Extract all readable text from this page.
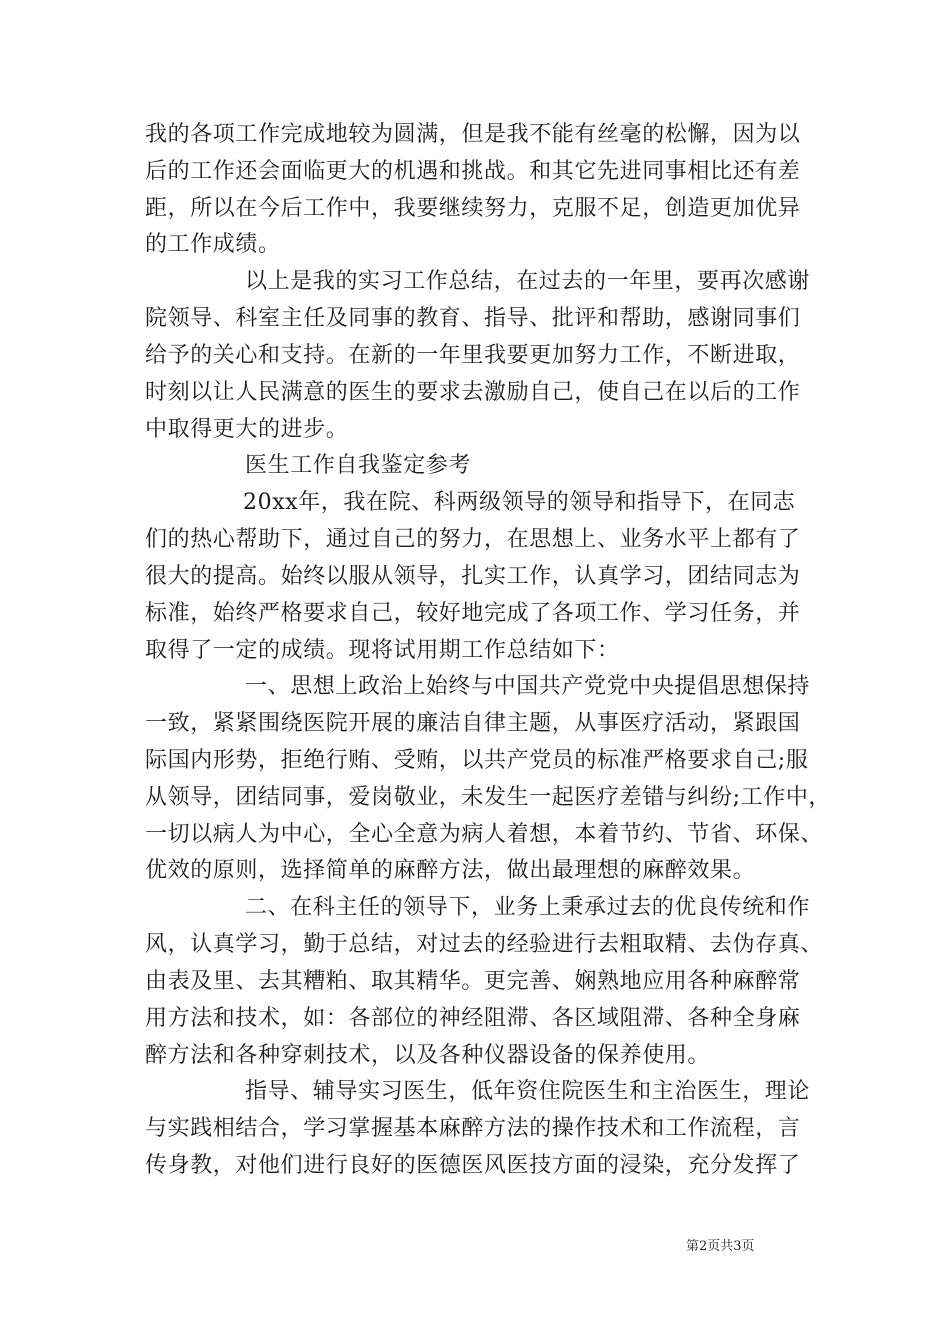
我的各项工作完成地较为圆满，但是我不能有丝毫的松懈，因为以

后的工作还会面临更大的机遇和挑战。和其它先进同事相比还有差

距，所以在今后工作中，我要继续努力，克服不足，创造更加优异

的工作成绩。

以上是我的实习工作总结，在过去的一年里，要再次感谢

院领导、科室主任及同事的教育、指导、批评和帮助，感谢同事们

给予的关心和支持。在新的一年里我要更加努力工作，不断进取，

时刻以让人民满意的医生的要求去激励自己，使自己在以后的工作

中取得更大的进步。

医生工作自我鉴定参考

20xx年，我在院、科两级领导的领导和指导下，在同志

们的热心帮助下，通过自己的努力，在思想上、业务水平上都有了

很大的提高。始终以服从领导，扎实工作，认真学习，团结同志为

标准，始终严格要求自己，较好地完成了各项工作、学习任务，并

取得了一定的成绩。现将试用期工作总结如下：

一、思想上政治上始终与中国共产党党中央提倡思想保持

一致，紧紧围绕医院开展的廉洁自律主题，从事医疗活动，紧跟国

际国内形势，拒绝行贿、受贿，以共产党员的标准严格要求自己;服

从领导，团结同事，爱岗敬业，未发生一起医疗差错与纠纷;工作中，

一切以病人为中心，全心全意为病人着想，本着节约、节省、环保、

优效的原则，选择简单的麻醉方法，做出最理想的麻醉效果。

二、在科主任的领导下，业务上秉承过去的优良传统和作

风，认真学习，勤于总结，对过去的经验进行去粗取精、去伪存真、

由表及里、去其糟粕、取其精华。更完善、娴熟地应用各种麻醉常

用方法和技术，如：各部位的神经阻滞、各区域阻滞、各种全身麻

醉方法和各种穿刺技术，以及各种仪器设备的保养使用。

指导、辅导实习医生，低年资住院医生和主治医生，理论

与实践相结合，学习掌握基本麻醉方法的操作技术和工作流程，言

传身教，对他们进行良好的医德医风医技方面的浸染，充分发挥了

第2页共3页
